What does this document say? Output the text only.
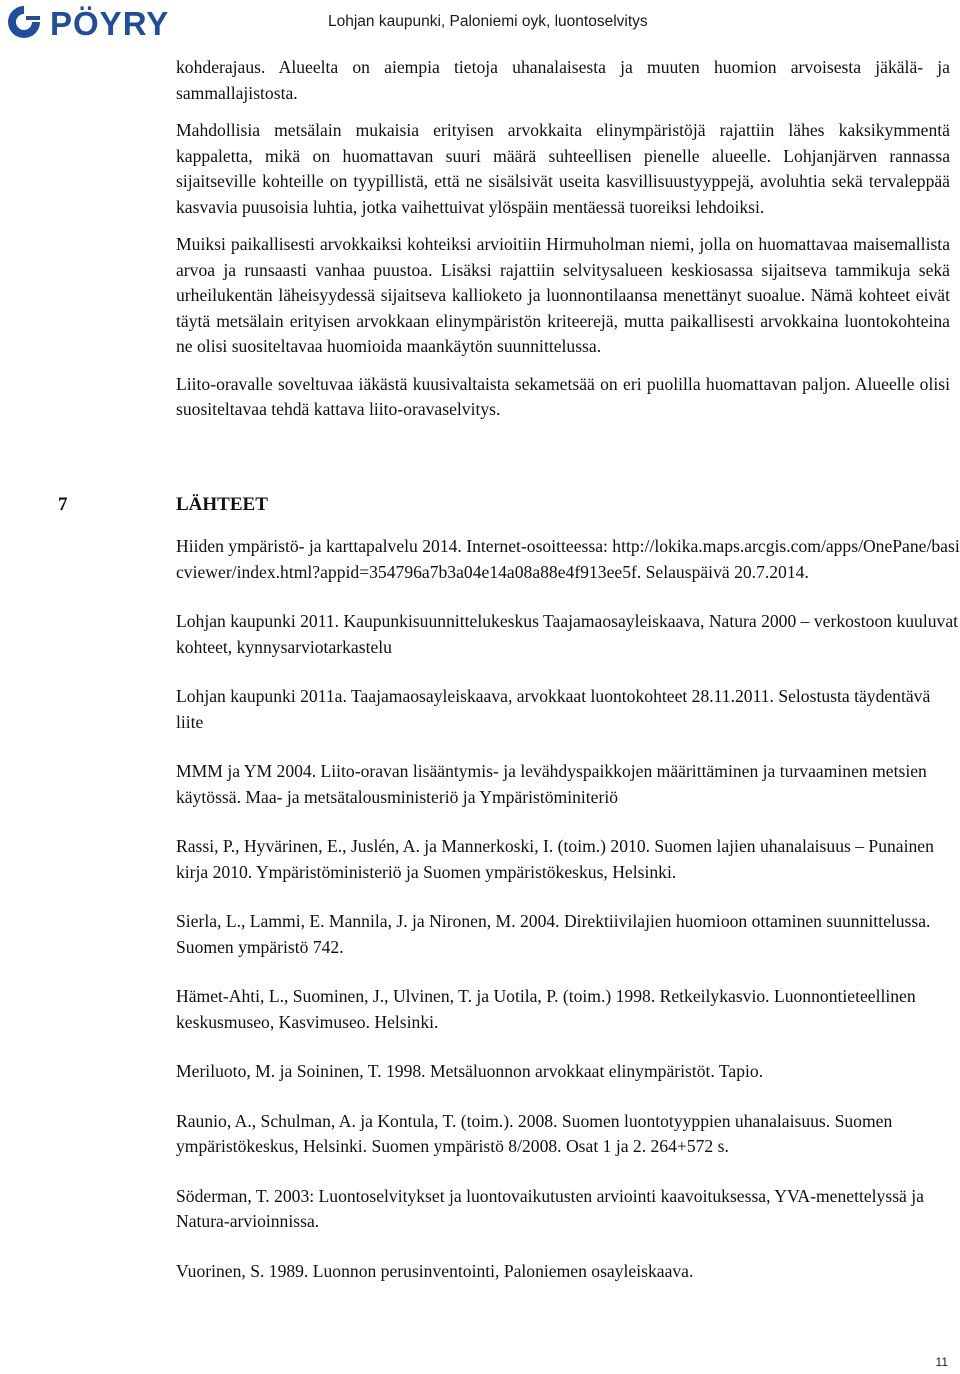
PÖYRY	Lohjan kaupunki, Paloniemi oyk, luontoselvitys

kohderajaus. Alueelta on aiempia tietoja uhanalaisesta ja muuten huomion arvoisesta jäkälä- ja sammallajistosta.

Mahdollisia metsälain mukaisia erityisen arvokkaita elinympäristöjä rajattiin lähes kaksikymmentä kappaletta, mikä on huomattavan suuri määrä suhteellisen pienelle alueelle. Lohjanjärven rannassa sijaitseville kohteille on tyypillistä, että ne sisälsivät useita kasvillisuustyyppejä, avoluhtia sekä tervaleppää kasvavia puusoisia luhtia, jotka vaihettuivat ylöspäin mentäessä tuoreiksi lehdoiksi.

Muiksi paikallisesti arvokkaiksi kohteiksi arvioitiin Hirmuholman niemi, jolla on huomattavaa maisemallista arvoa ja runsaasti vanhaa puustoa. Lisäksi rajattiin selvitysalueen keskiosassa sijaitseva tammikuja sekä urheilukentän läheisyydessä sijaitseva kallioketo ja luonnontilaansa menettänyt suoalue. Nämä kohteet eivät täytä metsälain erityisen arvokkaan elinympäristön kriteerejä, mutta paikallisesti arvokkaina luontokohteina ne olisi suositeltavaa huomioida maankäytön suunnittelussa.

Liito-oravalle soveltuvaa iäkästä kuusivaltaista sekametsää on eri puolilla huomattavan paljon. Alueelle olisi suositeltavaa tehdä kattava liito-oravaselvitys.

7	LÄHTEET

Hiiden ympäristö- ja karttapalvelu 2014. Internet-osoitteessa: http://lokika.maps.arcgis.com/apps/OnePane/basicviewer/index.html?appid=354796a7b3a04e14a08a88e4f913ee5f. Selauspäivä 20.7.2014.

Lohjan kaupunki 2011. Kaupunkisuunnittelukeskus Taajamaosayleiskaava, Natura 2000 – verkostoon kuuluvat kohteet, kynnysarviotarkastelu

Lohjan kaupunki 2011a. Taajamaosayleiskaava, arvokkaat luontokohteet 28.11.2011. Selostusta täydentävä liite

MMM ja YM 2004. Liito-oravan lisääntymis- ja levähdyspaikkojen määrittäminen ja turvaaminen metsien käytössä. Maa- ja metsätalousministeriö ja Ympäristöminiteriö

Rassi, P., Hyvärinen, E., Juslén, A. ja Mannerkoski, I. (toim.) 2010. Suomen lajien uhanalaisuus – Punainen kirja 2010. Ympäristöministeriö ja Suomen ympäristökeskus, Helsinki.

Sierla, L., Lammi, E. Mannila, J. ja Nironen, M. 2004. Direktiivilajien huomioon ottaminen suunnittelussa. Suomen ympäristö 742.

Hämet-Ahti, L., Suominen, J., Ulvinen, T. ja Uotila, P. (toim.) 1998. Retkeilykasvio. Luonnontieteellinen keskusmuseo, Kasvimuseo. Helsinki.

Meriluoto, M. ja Soininen, T. 1998. Metsäluonnon arvokkaat elinympäristöt. Tapio.

Raunio, A., Schulman, A. ja Kontula, T. (toim.). 2008. Suomen luontotyyppien uhanalaisuus. Suomen ympäristökeskus, Helsinki. Suomen ympäristö 8/2008. Osat 1 ja 2. 264+572 s.

Söderman, T. 2003: Luontoselvitykset ja luontovaikutusten arviointi kaavoituksessa, YVA-menettelyssä ja Natura-arvioinnissa.

Vuorinen, S. 1989. Luonnon perusinventointi, Paloniemen osayleiskaava.

11
